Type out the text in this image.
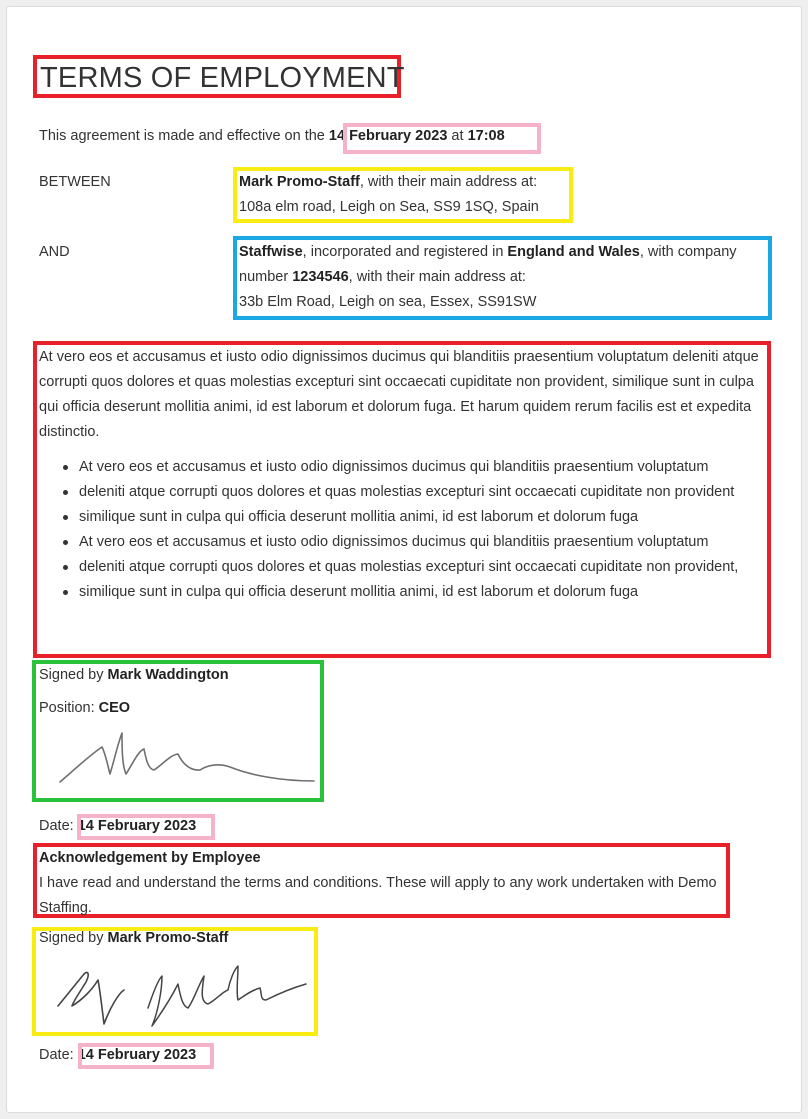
TERMS OF EMPLOYMENT
This agreement is made and effective on the 14 February 2023 at 17:08
BETWEEN	Mark Promo-Staff, with their main address at:
108a elm road, Leigh on Sea, SS9 1SQ, Spain
AND	Staffwise, incorporated and registered in England and Wales, with company
number 1234546, with their main address at:
33b Elm Road, Leigh on sea, Essex, SS91SW
At vero eos et accusamus et iusto odio dignissimos ducimus qui blanditiis praesentium voluptatum deleniti atque corrupti quos dolores et quas molestias excepturi sint occaecati cupiditate non provident, similique sunt in culpa qui officia deserunt mollitia animi, id est laborum et dolorum fuga. Et harum quidem rerum facilis est et expedita distinctio.
At vero eos et accusamus et iusto odio dignissimos ducimus qui blanditiis praesentium voluptatum
deleniti atque corrupti quos dolores et quas molestias excepturi sint occaecati cupiditate non provident
similique sunt in culpa qui officia deserunt mollitia animi, id est laborum et dolorum fuga
At vero eos et accusamus et iusto odio dignissimos ducimus qui blanditiis praesentium voluptatum
deleniti atque corrupti quos dolores et quas molestias excepturi sint occaecati cupiditate non provident,
similique sunt in culpa qui officia deserunt mollitia animi, id est laborum et dolorum fuga
Signed by Mark Waddington
Position: CEO
Date: 14 February 2023
Acknowledgement by Employee
I have read and understand the terms and conditions. These will apply to any work undertaken with Demo Staffing.
Signed by Mark Promo-Staff
Date: 14 February 2023
